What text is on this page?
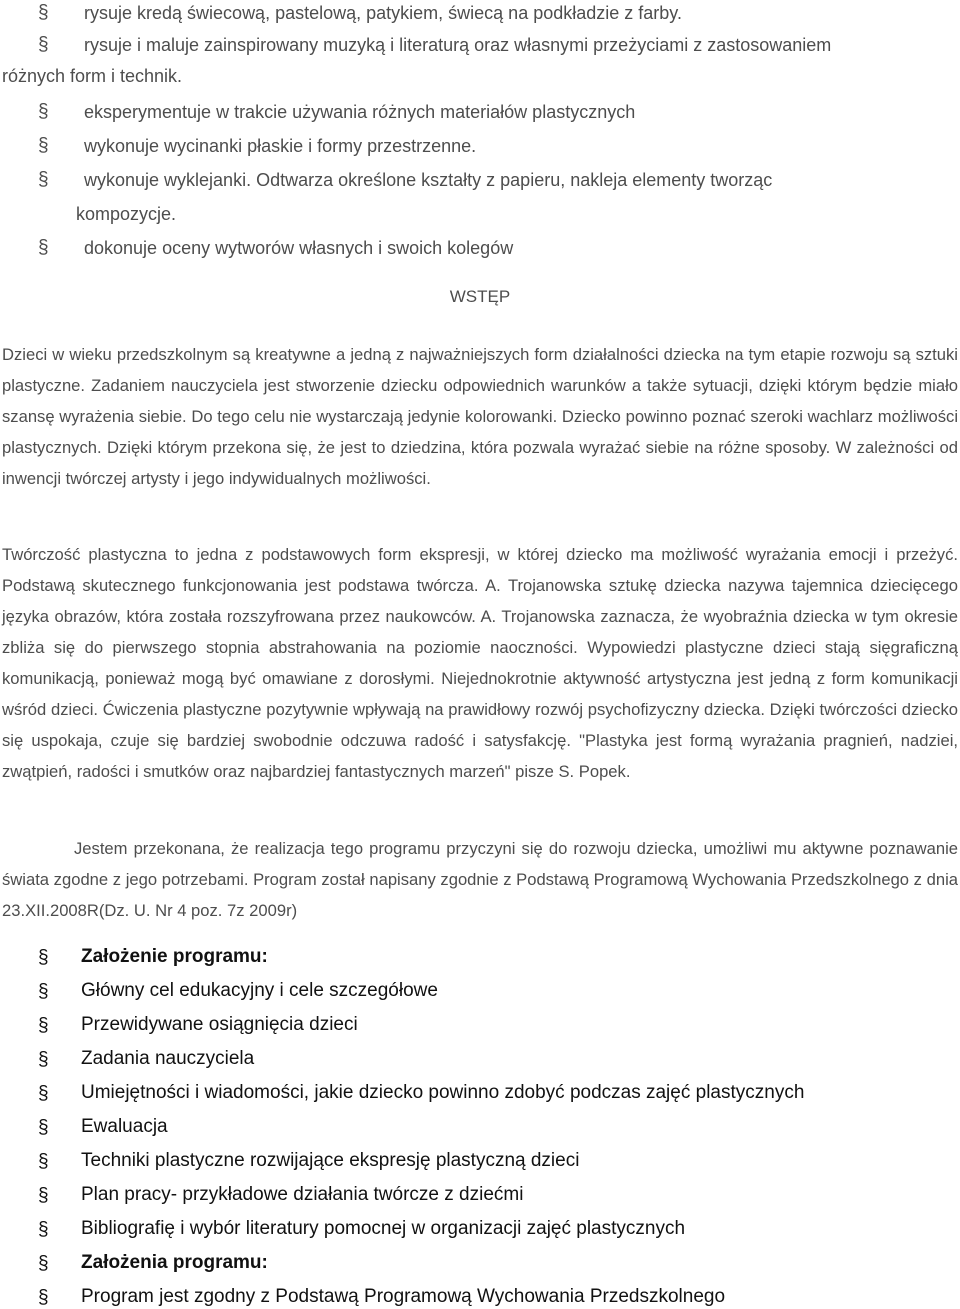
§	rysuje kredą świecową, pastelową, patykiem, świecą na podkładzie z farby.
§	rysuje i maluje zainspirowany muzyką i literaturą oraz własnymi przeżyciami z zastosowaniem
różnych form i technik.
§	eksperymentuje w trakcie używania różnych materiałów plastycznych
§	wykonuje wycinanki płaskie i formy przestrzenne.
§	wykonuje wyklejanki. Odtwarza określone kształty z papieru, nakleja elementy tworząc
kompozycje.
§	dokonuje oceny wytworów własnych i swoich kolegów
WSTĘP

Dzieci w wieku przedszkolnym są kreatywne a jedną z najważniejszych form działalności dziecka na tym etapie rozwoju są sztuki plastyczne. Zadaniem nauczyciela jest stworzenie dziecku odpowiednich warunków a także sytuacji, dzięki którym będzie miało szansę wyrażenia siebie. Do tego celu nie wystarczają jedynie kolorowanki. Dziecko powinno poznać szeroki wachlarz możliwości plastycznych. Dzięki którym przekona się, że jest to dziedzina, która pozwala wyrażać siebie na różne sposoby. W zależności od inwencji twórczej artysty i jego indywidualnych możliwości.

Twórczość plastyczna to jedna z podstawowych form ekspresji, w której dziecko ma możliwość wyrażania emocji i przeżyć. Podstawą skutecznego funkcjonowania jest podstawa twórcza. A. Trojanowska sztukę dziecka nazywa tajemnica dziecięcego języka obrazów, która została rozszyfrowana przez naukowców. A. Trojanowska zaznacza, że wyobraźnia dziecka w tym okresie zbliża się do pierwszego stopnia abstrahowania na poziomie naoczności. Wypowiedzi plastyczne dzieci stają sięgraficzną komunikacją, ponieważ mogą być omawiane z dorosłymi. Niejednokrotnie aktywność artystyczna jest jedną z form komunikacji wśród dzieci. Ćwiczenia plastyczne pozytywnie wpływają na prawidłowy rozwój psychofizyczny dziecka. Dzięki twórczości dziecko się uspokaja, czuje się bardziej swobodnie odczuwa radość i satysfakcję. "Plastyka jest formą wyrażania pragnień, nadziei, zwątpień, radości i smutków oraz najbardziej fantastycznych marzeń" pisze S. Popek.

Jestem przekonana, że realizacja tego programu przyczyni się do rozwoju dziecka, umożliwi mu aktywne poznawanie świata zgodne z jego potrzebami. Program został napisany zgodnie z Podstawą Programową Wychowania Przedszkolnego z dnia 23.XII.2008R(Dz. U. Nr 4 poz. 7z 2009r)

§	Założenie programu:
§	Główny cel edukacyjny i cele szczegółowe
§	Przewidywane osiągnięcia dzieci
§	Zadania nauczyciela
§	Umiejętności i wiadomości, jakie dziecko powinno zdobyć podczas zajęć plastycznych
§	Ewaluacja
§	Techniki plastyczne rozwijające ekspresję plastyczną dzieci
§	Plan pracy- przykładowe działania twórcze z dziećmi
§	Bibliografię i wybór literatury pomocnej w organizacji zajęć plastycznych
§	Założenia programu:
§	Program jest zgodny z Podstawą Programową Wychowania Przedszkolnego
